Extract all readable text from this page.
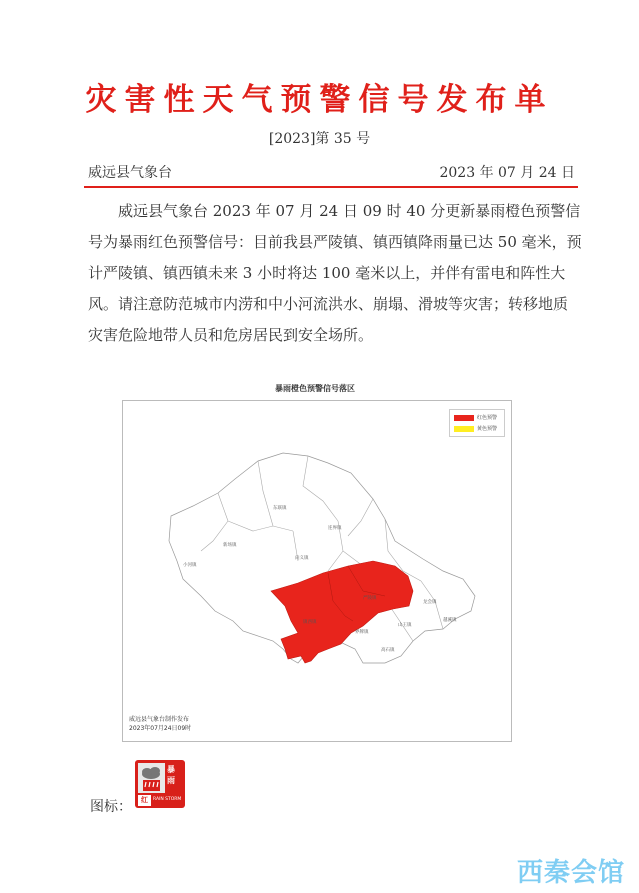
灾害性天气预警信号发布单
[2023]第 35 号
威远县气象台	2023 年 07 月 24 日

威远县气象台 2023 年 07 月 24 日 09 时 40 分更新暴雨橙色预警信号为暴雨红色预警信号：目前我县严陵镇、镇西镇降雨量已达 50 毫米，预计严陵镇、镇西镇未来 3 小时将达 100 毫米以上，并伴有雷电和阵性大风。请注意防范城市内涝和中小河流洪水、崩塌、滑坡等灾害；转移地质灾害危险地带人员和危房居民到安全场所。

暴雨橙色预警信号落区
红色预警
黄色预警
东联镇
小河镇
新场镇
向义镇
镇西镇
严陵镇
连界镇
界牌镇
山王镇
龙会镇
高石镇
越溪镇
威远县气象台制作发布
2023年07月24日09时
图标：
暴
雨
红	RAIN STORM
西秦会馆
